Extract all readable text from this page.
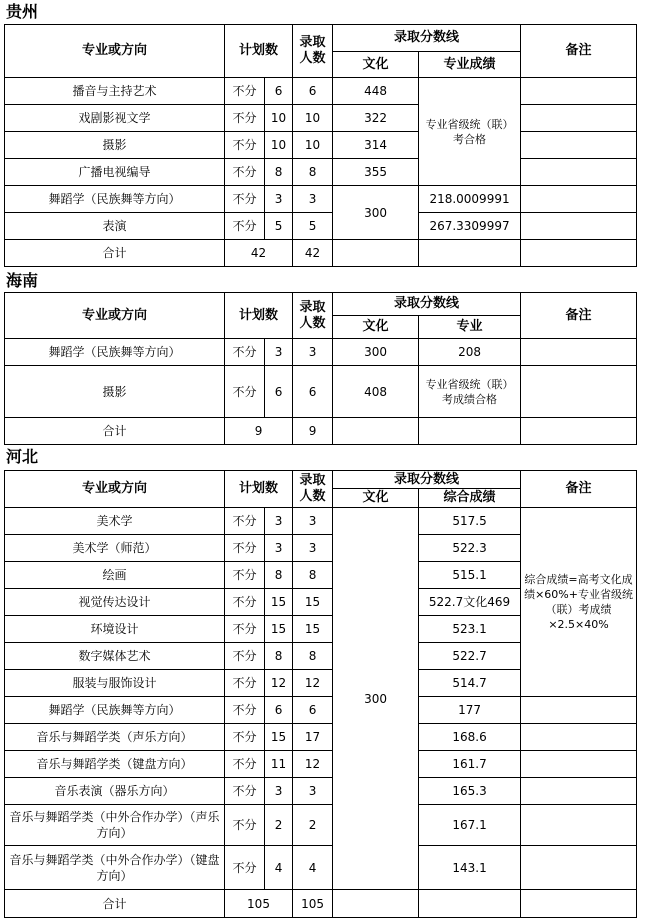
贵州
专业或方向	计划数		录取人数	录取分数线		备注
				文化	专业成绩	
播音与主持艺术	不分	6	6	448	专业省级统（联）考合格	
戏剧影视文学	不分	10	10	322		
摄影	不分	10	10	314		
广播电视编导	不分	8	8	355		
舞蹈学（民族舞等方向）	不分	3	3	300	218.0009991	
表演	不分	5	5		267.3309997	
合计	42		42			
海南
专业或方向	计划数		录取人数	录取分数线		备注
				文化	专业	
舞蹈学（民族舞等方向）	不分	3	3	300	208	
摄影	不分	6	6	408	专业省级统（联）考成绩合格	
合计	9		9			
河北
专业或方向	计划数		录取人数	录取分数线		备注
				文化	综合成绩	
美术学	不分	3	3	300	517.5	综合成绩=高考文化成绩×60%+专业省级统（联）考成绩×2.5×40%
美术学（师范）	不分	3	3		522.3	
绘画	不分	8	8		515.1	
视觉传达设计	不分	15	15		522.7文化469	
环境设计	不分	15	15		523.1	
数字媒体艺术	不分	8	8		522.7	
服装与服饰设计	不分	12	12		514.7	
舞蹈学（民族舞等方向）	不分	6	6		177	
音乐与舞蹈学类（声乐方向）	不分	15	17		168.6	
音乐与舞蹈学类（键盘方向）	不分	11	12		161.7	
音乐表演（器乐方向）	不分	3	3		165.3	
音乐与舞蹈学类（中外合作办学）（声乐方向）	不分	2	2		167.1	
音乐与舞蹈学类（中外合作办学）（键盘方向）	不分	4	4		143.1	
合计	105		105			
